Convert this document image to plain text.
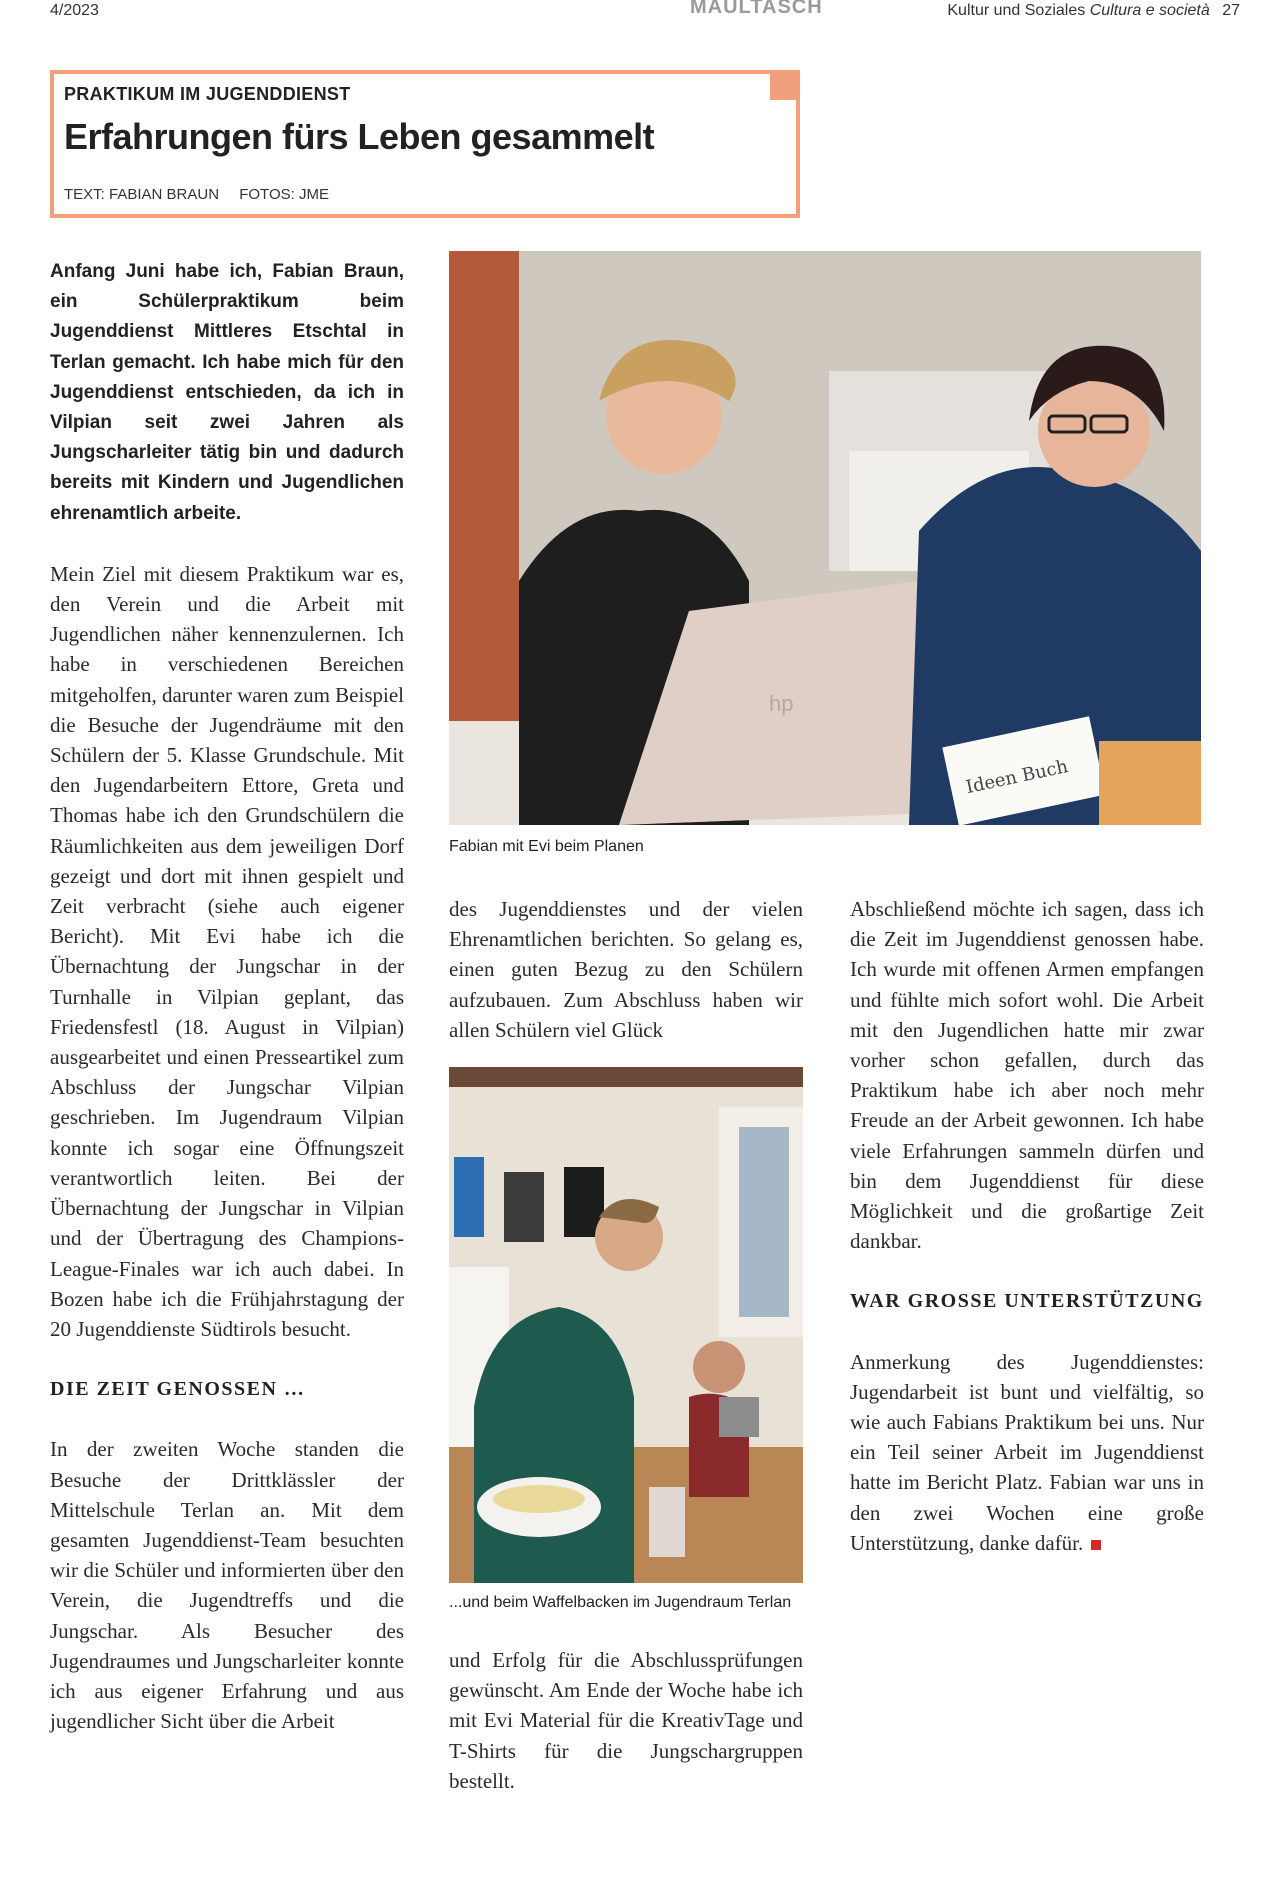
4/2023	MAULTASCH	Kultur und Soziales Cultura e società 27
PRAKTIKUM IM JUGENDDIENST
Erfahrungen fürs Leben gesammelt
TEXT: FABIAN BRAUN FOTOS: JME

Anfang Juni habe ich, Fabian Braun, ein Schülerpraktikum beim Jugenddienst Mittleres Etschtal in Terlan gemacht. Ich habe mich für den Jugenddienst entschieden, da ich in Vilpian seit zwei Jahren als Jungscharleiter tätig bin und dadurch bereits mit Kindern und Jugendlichen ehrenamtlich arbeite.

Mein Ziel mit diesem Praktikum war es, den Verein und die Arbeit mit Jugendlichen näher kennenzulernen. Ich habe in verschiedenen Bereichen mitgeholfen, darunter waren zum Beispiel die Besuche der Jugendräume mit den Schülern der 5. Klasse Grundschule. Mit den Jugendarbeitern Ettore, Greta und Thomas habe ich den Grundschülern die Räumlichkeiten aus dem jeweiligen Dorf gezeigt und dort mit ihnen gespielt und Zeit verbracht (siehe auch eigener Bericht). Mit Evi habe ich die Übernachtung der Jungschar in der Turnhalle in Vilpian geplant, das Friedensfestl (18. August in Vilpian) ausgearbeitet und einen Presseartikel zum Abschluss der Jungschar Vilpian geschrieben. Im Jugendraum Vilpian konnte ich sogar eine Öffnungszeit verantwortlich leiten. Bei der Übernachtung der Jungschar in Vilpian und der Übertragung des Champions-League-Finales war ich auch dabei. In Bozen habe ich die Frühjahrstagung der 20 Jugenddienste Südtirols besucht.

DIE ZEIT GENOSSEN …

In der zweiten Woche standen die Besuche der Drittklässler der Mittelschule Terlan an. Mit dem gesamten Jugenddienst-Team besuchten wir die Schüler und informierten über den Verein, die Jugendtreffs und die Jungschar. Als Besucher des Jugendraumes und Jungscharleiter konnte ich aus eigener Erfahrung und aus jugendlicher Sicht über die Arbeit

hp
Ideen Buch
Fabian mit Evi beim Planen

des Jugenddienstes und der vielen Ehrenamtlichen berichten. So gelang es, einen guten Bezug zu den Schülern aufzubauen. Zum Abschluss haben wir allen Schülern viel Glück

...und beim Waffelbacken im Jugendraum Terlan

und Erfolg für die Abschlussprüfungen gewünscht. Am Ende der Woche habe ich mit Evi Material für die KreativTage und T-Shirts für die Jungschargruppen bestellt.

Abschließend möchte ich sagen, dass ich die Zeit im Jugenddienst genossen habe. Ich wurde mit offenen Armen empfangen und fühlte mich sofort wohl. Die Arbeit mit den Jugendlichen hatte mir zwar vorher schon gefallen, durch das Praktikum habe ich aber noch mehr Freude an der Arbeit gewonnen. Ich habe viele Erfahrungen sammeln dürfen und bin dem Jugenddienst für diese Möglichkeit und die großartige Zeit dankbar.

WAR GROSSE UNTERSTÜTZUNG

Anmerkung des Jugenddienstes: Jugendarbeit ist bunt und vielfältig, so wie auch Fabians Praktikum bei uns. Nur ein Teil seiner Arbeit im Jugenddienst hatte im Bericht Platz. Fabian war uns in den zwei Wochen eine große Unterstützung, danke dafür.
